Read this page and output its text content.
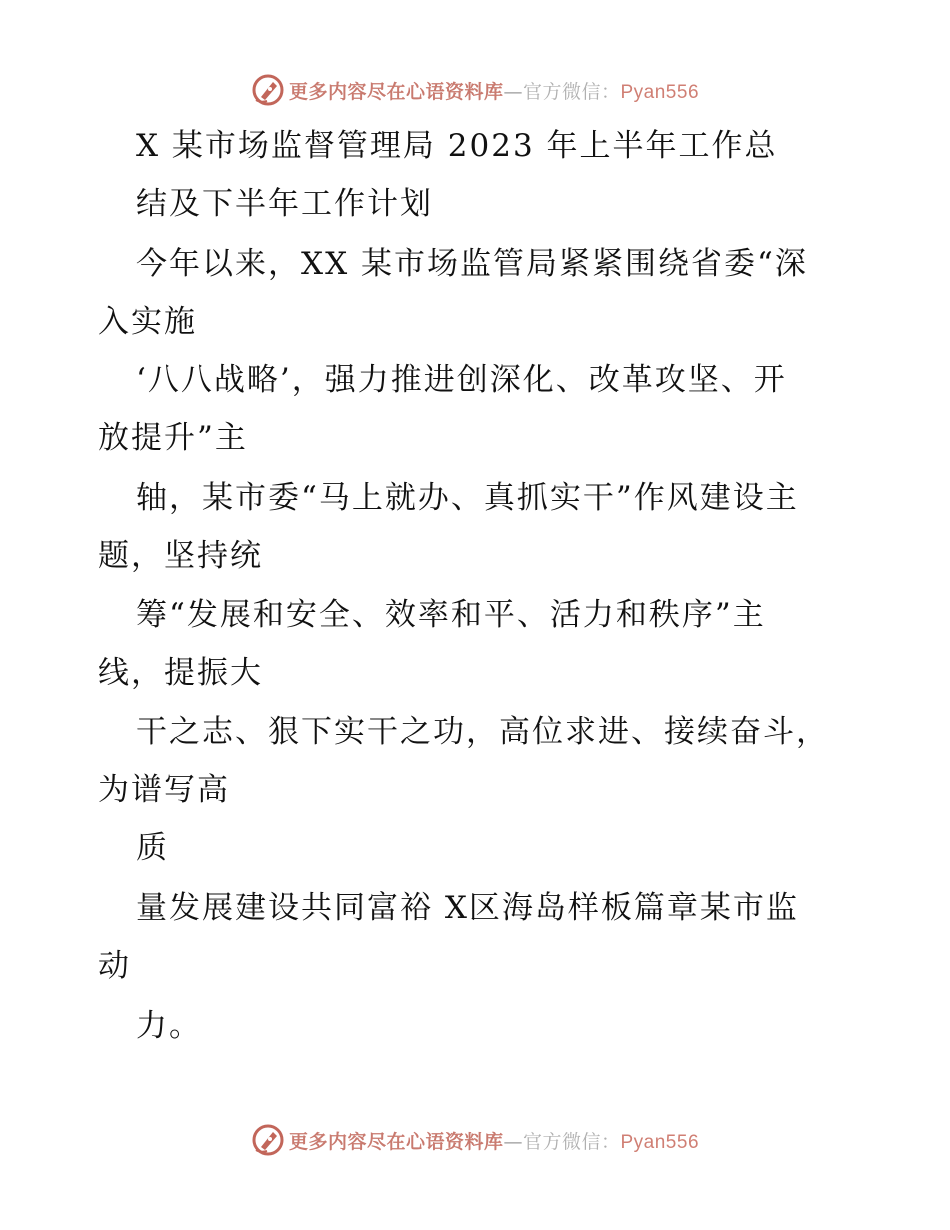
更多内容尽在心语资料库—官方微信：Pyan556
X 某市场监督管理局 2023 年上半年工作总
结及下半年工作计划
今年以来，XX 某市场监管局紧紧围绕省委“深
入实施
‘八八战略’，强力推进创深化、改革攻坚、开
放提升”主
轴，某市委“马上就办、真抓实干”作风建设主
题，坚持统
筹“发展和安全、效率和平、活力和秩序”主
线，提振大
干之志、狠下实干之功，高位求进、接续奋斗，
为谱写高
质
量发展建设共同富裕 X区海岛样板篇章某市监
动
力。
更多内容尽在心语资料库—官方微信：Pyan556
